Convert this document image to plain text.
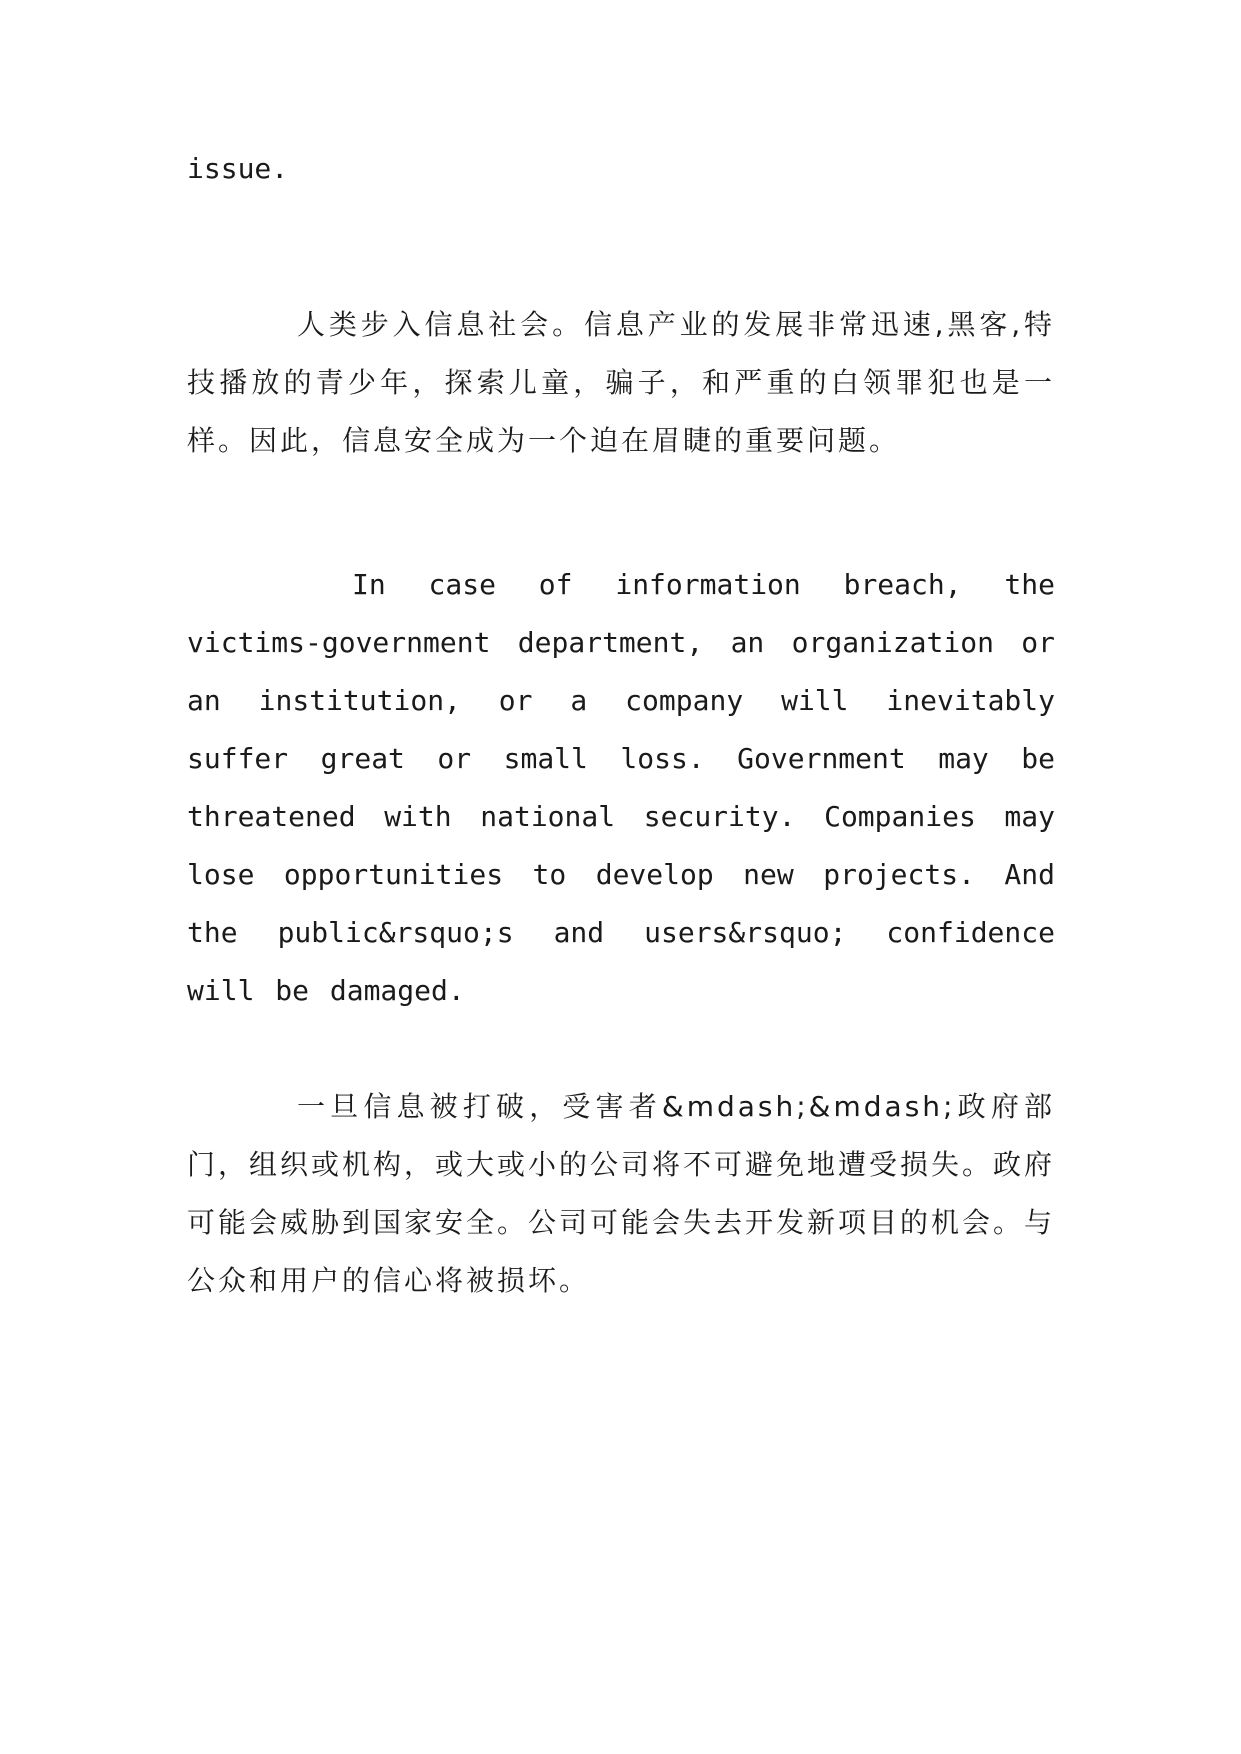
issue.

人类步入信息社会。信息产业的发展非常迅速,黑客,特技播放的青少年，探索儿童，骗子，和严重的白领罪犯也是一样。因此，信息安全成为一个迫在眉睫的重要问题。

In case of information breach, the victims-government department, an organization or an institution, or a company will inevitably suffer great or small loss. Government may be threatened with national security. Companies may lose opportunities to develop new projects. And the public&rsquo;s and users&rsquo; confidence will be damaged.

一旦信息被打破，受害者&mdash;&mdash;政府部门，组织或机构，或大或小的公司将不可避免地遭受损失。政府可能会威胁到国家安全。公司可能会失去开发新项目的机会。与公众和用户的信心将被损坏。
